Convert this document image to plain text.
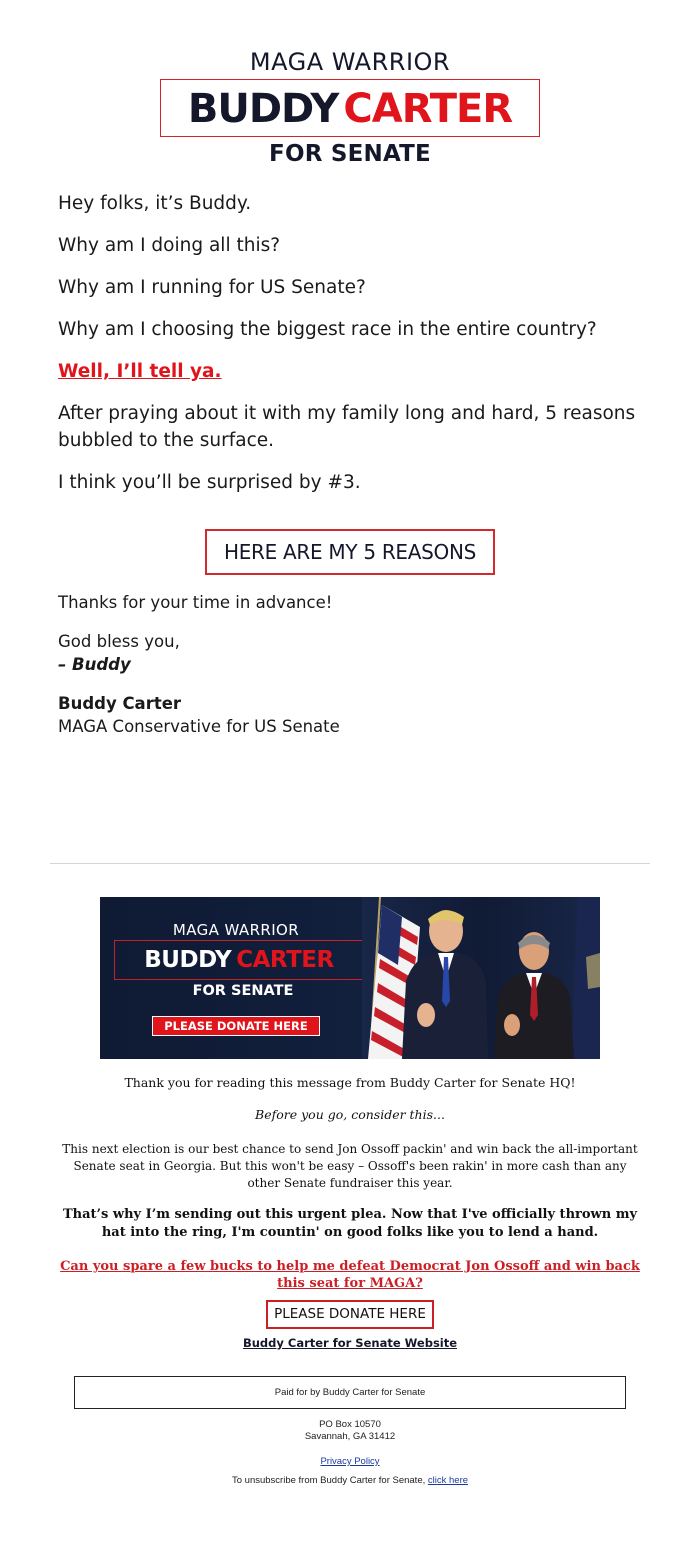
MAGA WARRIOR
BUDDY CARTER
FOR SENATE

Hey folks, it’s Buddy.

Why am I doing all this?

Why am I running for US Senate?

Why am I choosing the biggest race in the entire country?

Well, I’ll tell ya.

After praying about it with my family long and hard, 5 reasons bubbled to the surface.

I think you’ll be surprised by #3.

HERE ARE MY 5 REASONS

Thanks for your time in advance!

God bless you,
– Buddy

Buddy Carter
MAGA Conservative for US Senate

MAGA WARRIOR
BUDDY CARTER
FOR SENATE
PLEASE DONATE HERE
Thank you for reading this message from Buddy Carter for Senate HQ!
Before you go, consider this...
This next election is our best chance to send Jon Ossoff packin' and win back the all-important Senate seat in Georgia. But this won't be easy – Ossoff's been rakin' in more cash than any other Senate fundraiser this year.
That’s why I’m sending out this urgent plea. Now that I've officially thrown my hat into the ring, I'm countin' on good folks like you to lend a hand.
Can you spare a few bucks to help me defeat Democrat Jon Ossoff and win back this seat for MAGA?
PLEASE DONATE HERE
Buddy Carter for Senate Website
Paid for by Buddy Carter for Senate
PO Box 10570
Savannah, GA 31412
Privacy Policy
To unsubscribe from Buddy Carter for Senate, click here
